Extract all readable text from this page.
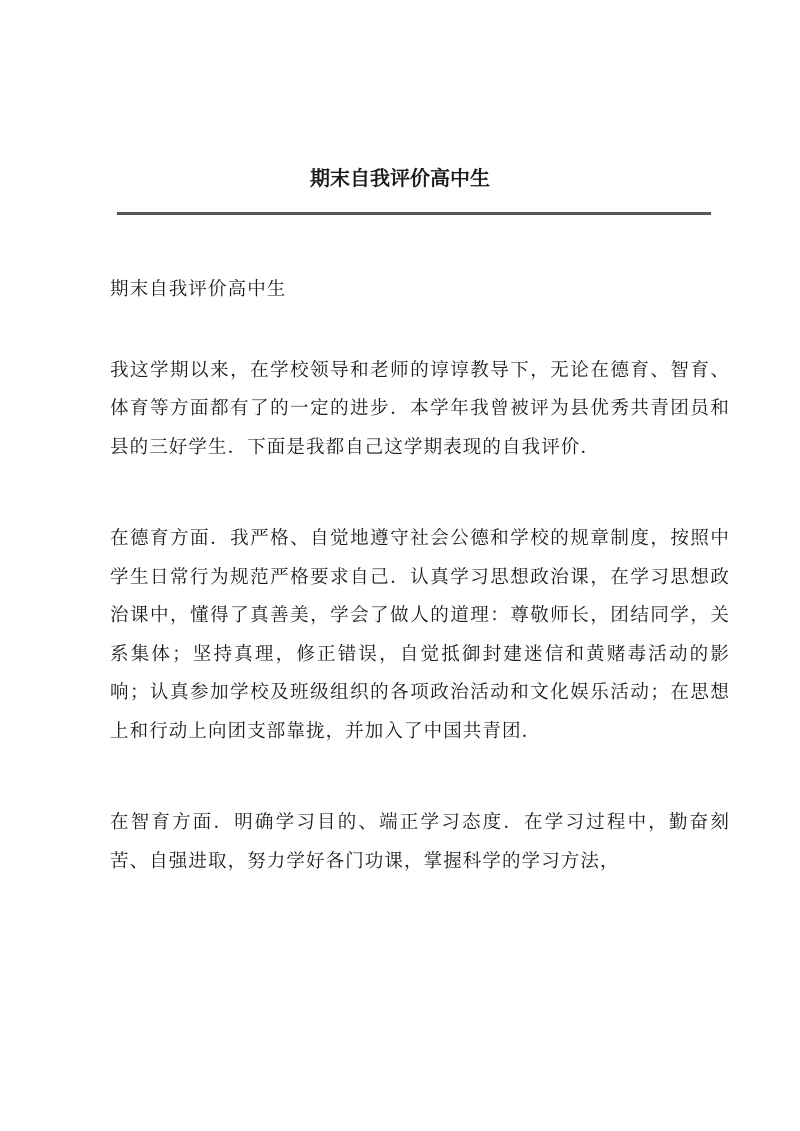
期末自我评价高中生

期末自我评价高中生

我这学期以来，在学校领导和老师的谆谆教导下，无论在德育、智育、体育等方面都有了的一定的进步．本学年我曾被评为县优秀共青团员和县的三好学生．下面是我都自己这学期表现的自我评价．

在德育方面．我严格、自觉地遵守社会公德和学校的规章制度，按照中学生日常行为规范严格要求自己．认真学习思想政治课，在学习思想政治课中，懂得了真善美，学会了做人的道理：尊敬师长，团结同学，关系集体；坚持真理，修正错误，自觉抵御封建迷信和黄赌毒活动的影响；认真参加学校及班级组织的各项政治活动和文化娱乐活动；在思想上和行动上向团支部靠拢，并加入了中国共青团．

在智育方面．明确学习目的、端正学习态度．在学习过程中，勤奋刻苦、自强进取，努力学好各门功课，掌握科学的学习方法，
